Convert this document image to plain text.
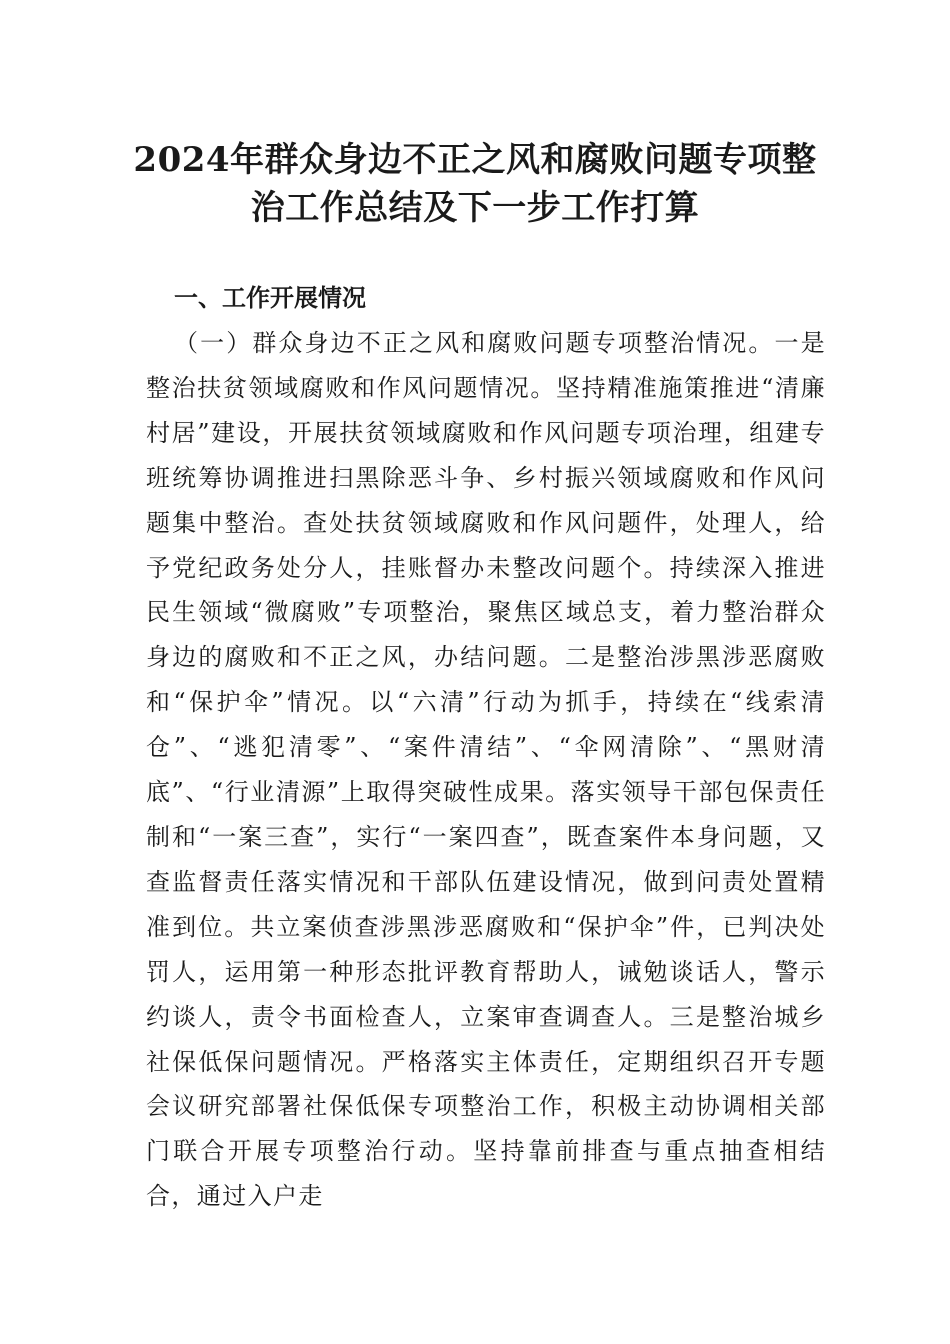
2024年群众身边不正之风和腐败问题专项整
治工作总结及下一步工作打算
一、工作开展情况

（一）群众身边不正之风和腐败问题专项整治情况。一是整治扶贫领域腐败和作风问题情况。坚持精准施策推进“清廉村居”建设，开展扶贫领域腐败和作风问题专项治理，组建专班统筹协调推进扫黑除恶斗争、乡村振兴领域腐败和作风问题集中整治。查处扶贫领域腐败和作风问题件，处理人，给予党纪政务处分人，挂账督办未整改问题个。持续深入推进民生领域“微腐败”专项整治，聚焦区域总支，着力整治群众身边的腐败和不正之风，办结问题。二是整治涉黑涉恶腐败和“保护伞”情况。以“六清”行动为抓手，持续在“线索清仓”、“逃犯清零”、“案件清结”、“伞网清除”、“黑财清底”、“行业清源”上取得突破性成果。落实领导干部包保责任制和“一案三查”，实行“一案四查”，既查案件本身问题，又查监督责任落实情况和干部队伍建设情况，做到问责处置精准到位。共立案侦查涉黑涉恶腐败和“保护伞”件，已判决处罚人，运用第一种形态批评教育帮助人，诫勉谈话人，警示约谈人，责令书面检查人，立案审查调查人。三是整治城乡社保低保问题情况。严格落实主体责任，定期组织召开专题会议研究部署社保低保专项整治工作，积极主动协调相关部门联合开展专项整治行动。坚持靠前排查与重点抽查相结合，通过入户走
